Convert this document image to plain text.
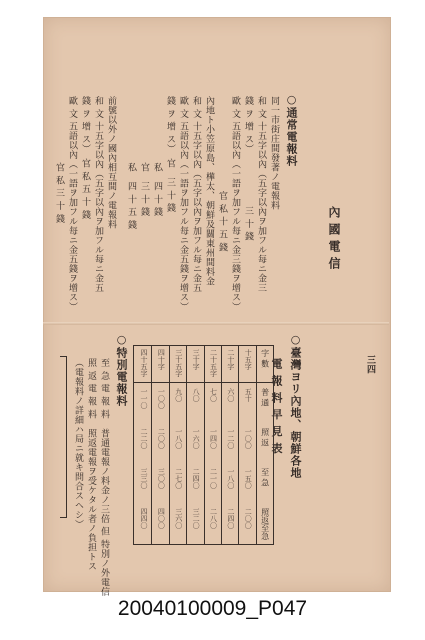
內國電信
三四
○通常電報料
同一市街庄間發著ノ電報料
和 文 十五字以內（五字以內ヲ加フル每ニ金三
錢 ヲ 增 ス）　　　　　　三 十 錢
歐 文 五語以內（一語ヲ加フル每ニ金三錢ヲ增ス）
　　　　　　　　　　官 私 十 五 錢
內地ト小笠原島、樺太、朝鮮及關東州間料金
和 文 十五字以內（五字以內ヲ加フル每ニ金五
歐 文 五語以內（一語ヲ加フル每ニ金五錢ヲ增ス）
錢 ヲ 增 ス）　官　三 十 錢
　　　　　　　私　四 十 錢
　　　　　　　官　三 十 錢
　　　　　　　私　四 十 五 錢
前號以外ノ國內相互間ノ電報料
和 文 十五字以內（五字以內ヲ加フル每ニ金五
錢 ヲ 增 ス）　官 私 五 十 錢
歐 文 五語以內（一語ヲ加フル每ニ金五錢ヲ增ス）
　　　　　　　官 私 三 十 錢
○臺灣ヨリ內地、朝鮮各地
電 報 料 早 見 表
字 數
普 通
照 返
至 急
照返至急
十五字
五十
一〇〇
一五〇
二〇〇
二十字
六〇
一二〇
一八〇
二四〇
二十五字
七〇
一四〇
二一〇
二八〇
三十字
八〇
一六〇
二四〇
三二〇
三十五字
九〇
一八〇
二七〇
三六〇
四十字
一〇〇
二〇〇
三〇〇
四〇〇
四十五字
一一〇
二二〇
三三〇
四四〇
○特別電報料
至 急 電 報 料　普通電報ノ料金ノ三倍 但 特別ノ外電信
照 返 電 報 料　照返電報ヲ受ケタル者ノ負担トス
（電報料ノ詳細ハ局ニ就キ問合スヘシ）
20040100009_P047
